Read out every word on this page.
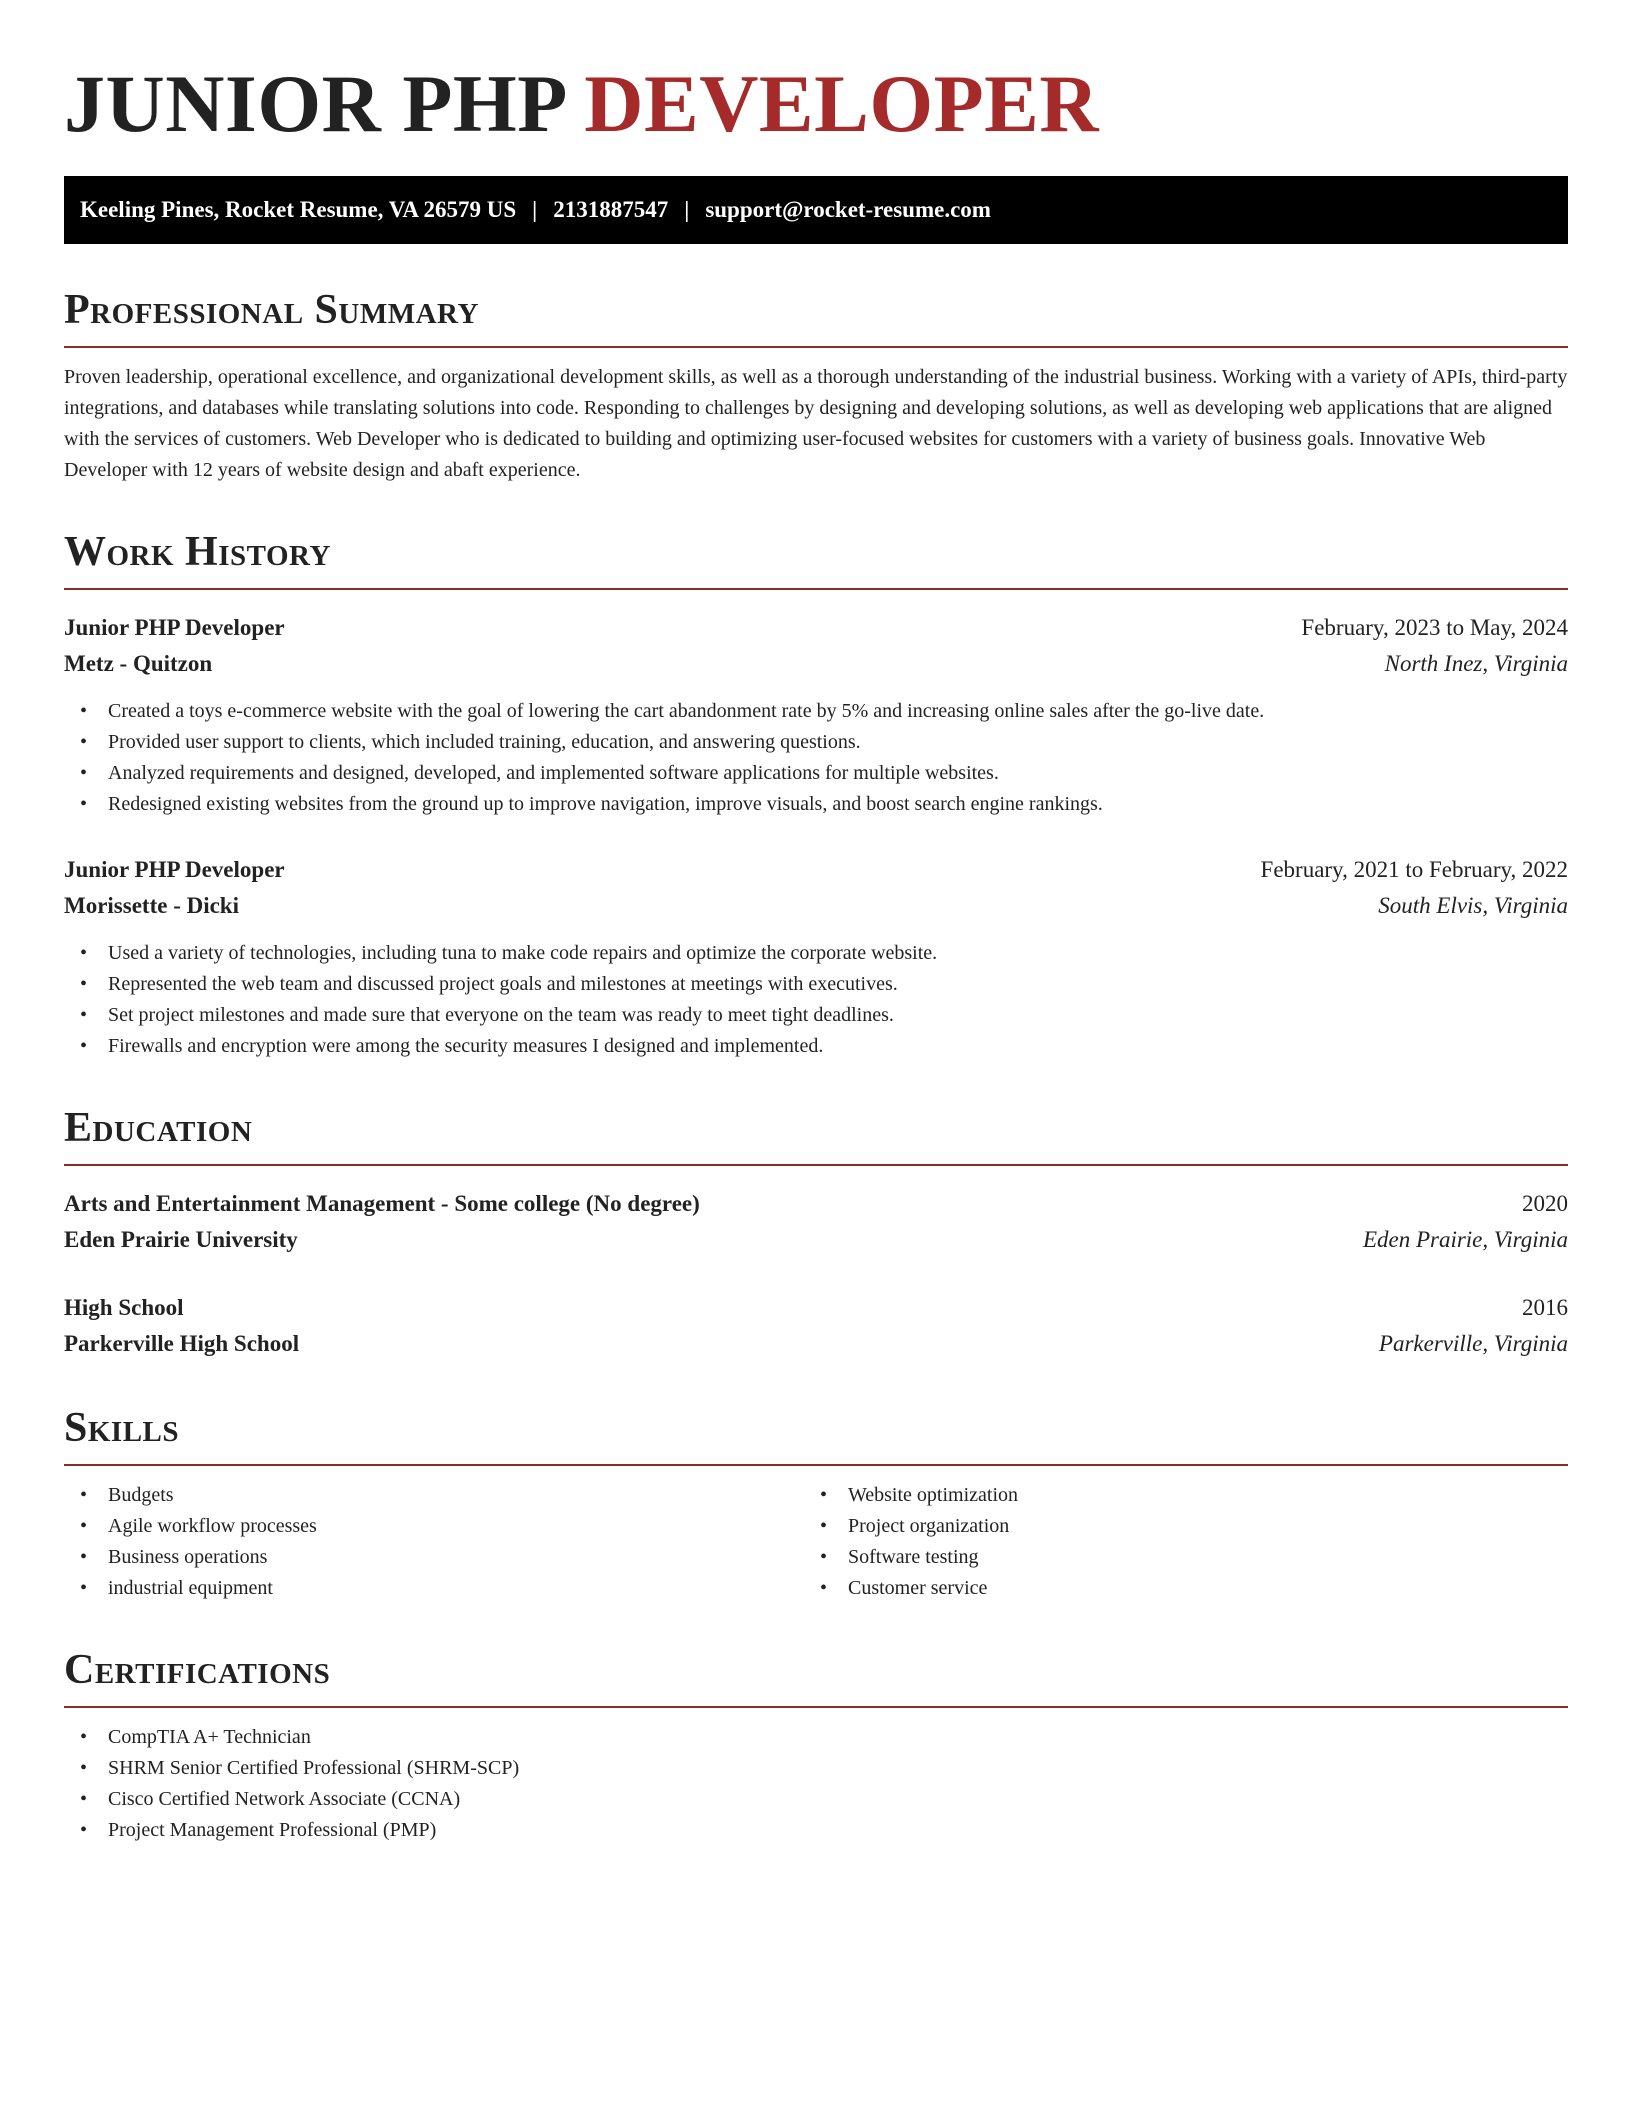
JUNIOR PHP DEVELOPER
Keeling Pines, Rocket Resume, VA 26579 US | 2131887547 | support@rocket-resume.com
Professional Summary
Proven leadership, operational excellence, and organizational development skills, as well as a thorough understanding of the industrial business. Working with a variety of APIs, third-party integrations, and databases while translating solutions into code. Responding to challenges by designing and developing solutions, as well as developing web applications that are aligned with the services of customers. Web Developer who is dedicated to building and optimizing user-focused websites for customers with a variety of business goals. Innovative Web Developer with 12 years of website design and abaft experience.
Work History
Junior PHP Developer	February, 2023 to May, 2024
Metz - Quitzon	North Inez, Virginia
• Created a toys e-commerce website with the goal of lowering the cart abandonment rate by 5% and increasing online sales after the go-live date.
• Provided user support to clients, which included training, education, and answering questions.
• Analyzed requirements and designed, developed, and implemented software applications for multiple websites.
• Redesigned existing websites from the ground up to improve navigation, improve visuals, and boost search engine rankings.
Junior PHP Developer	February, 2021 to February, 2022
Morissette - Dicki	South Elvis, Virginia
• Used a variety of technologies, including tuna to make code repairs and optimize the corporate website.
• Represented the web team and discussed project goals and milestones at meetings with executives.
• Set project milestones and made sure that everyone on the team was ready to meet tight deadlines.
• Firewalls and encryption were among the security measures I designed and implemented.
Education
Arts and Entertainment Management - Some college (No degree)	2020
Eden Prairie University	Eden Prairie, Virginia
High School	2016
Parkerville High School	Parkerville, Virginia
Skills
• Budgets
• Agile workflow processes
• Business operations
• industrial equipment
• Website optimization
• Project organization
• Software testing
• Customer service
Certifications
• CompTIA A+ Technician
• SHRM Senior Certified Professional (SHRM-SCP)
• Cisco Certified Network Associate (CCNA)
• Project Management Professional (PMP)
